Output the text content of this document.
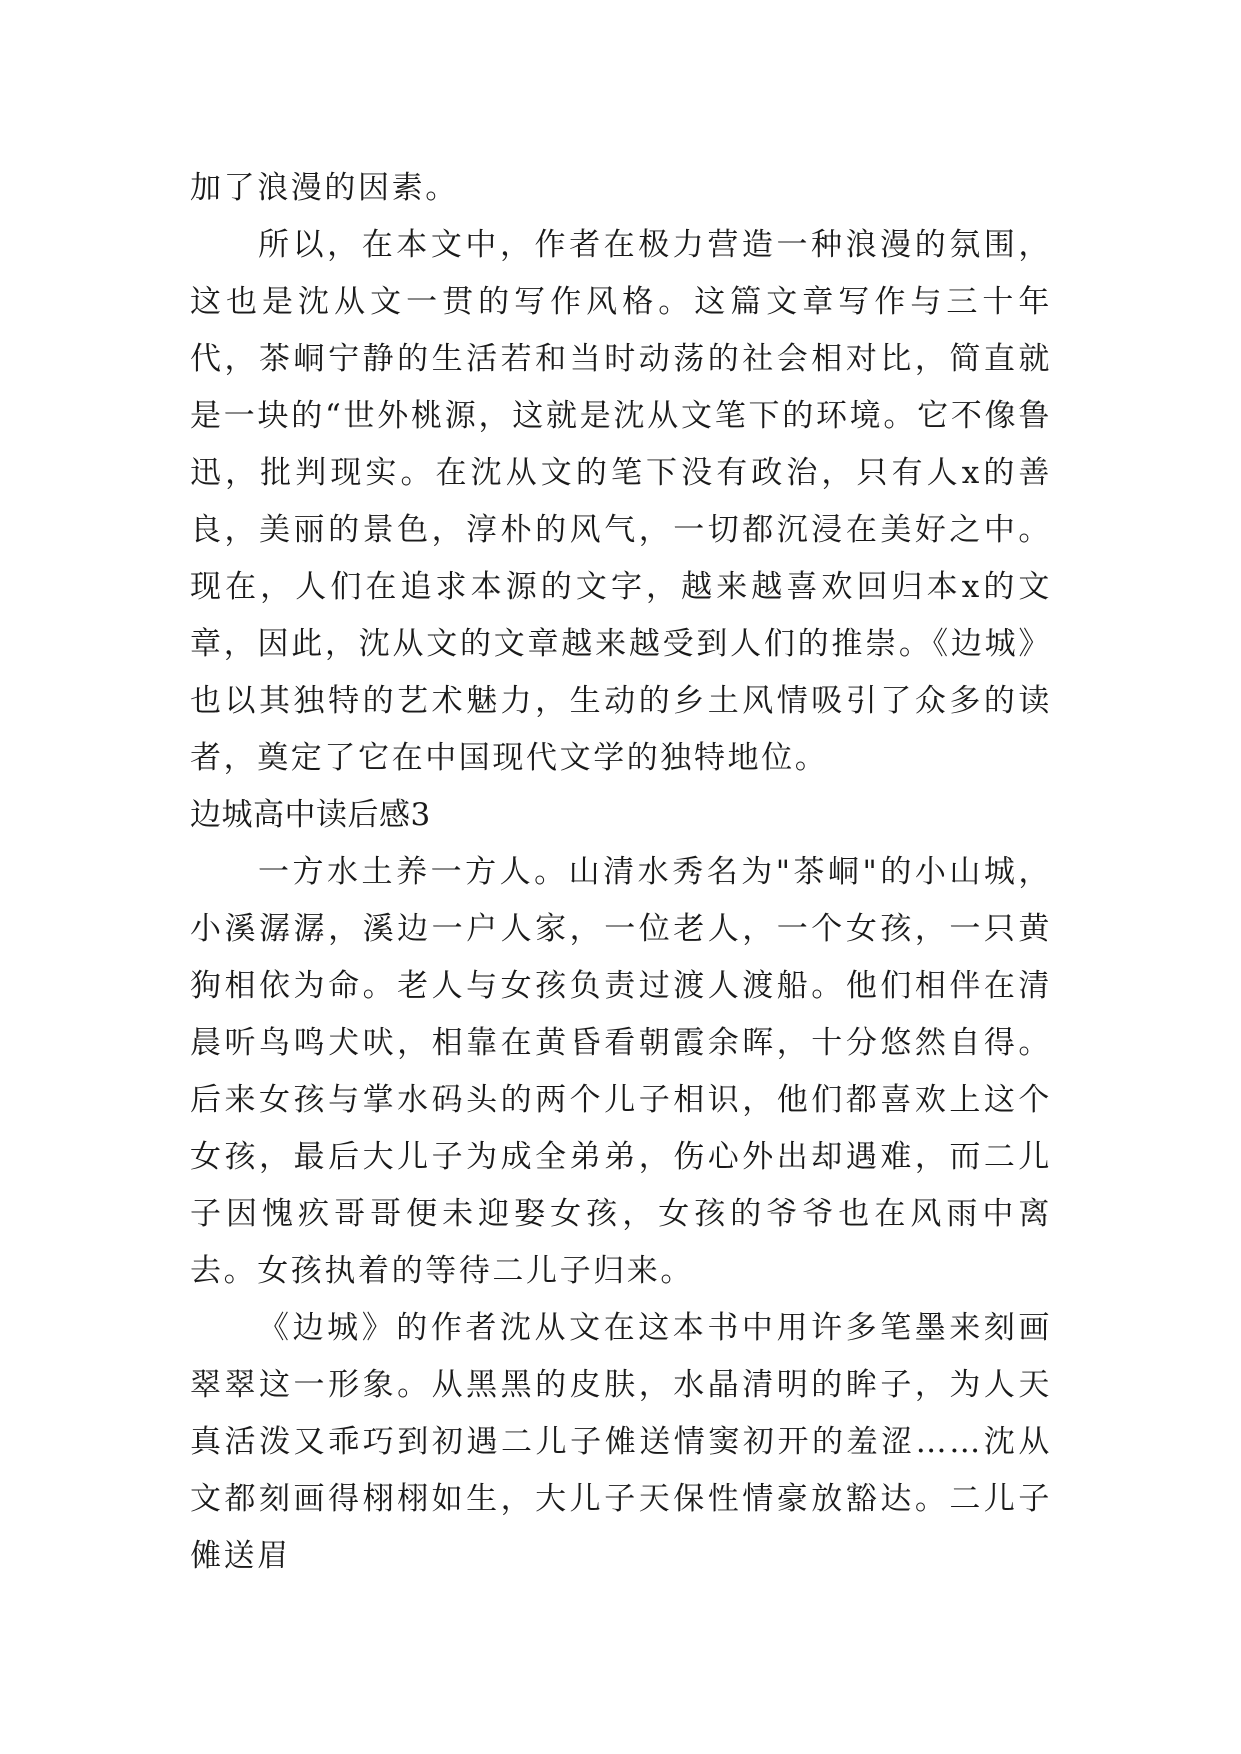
加了浪漫的因素。

所以，在本文中，作者在极力营造一种浪漫的氛围，这也是沈从文一贯的写作风格。这篇文章写作与三十年代，茶峒宁静的生活若和当时动荡的社会相对比，简直就是一块的“世外桃源，这就是沈从文笔下的环境。它不像鲁迅，批判现实。在沈从文的笔下没有政治，只有人x的善良，美丽的景色，淳朴的风气，一切都沉浸在美好之中。现在，人们在追求本源的文字，越来越喜欢回归本x的文章，因此，沈从文的文章越来越受到人们的推崇。《边城》也以其独特的艺术魅力，生动的乡土风情吸引了众多的读者，奠定了它在中国现代文学的独特地位。

边城高中读后感3

一方水土养一方人。山清水秀名为"茶峒"的小山城，小溪潺潺，溪边一户人家，一位老人，一个女孩，一只黄狗相依为命。老人与女孩负责过渡人渡船。他们相伴在清晨听鸟鸣犬吠，相靠在黄昏看朝霞余晖，十分悠然自得。后来女孩与掌水码头的两个儿子相识，他们都喜欢上这个女孩，最后大儿子为成全弟弟，伤心外出却遇难，而二儿子因愧疚哥哥便未迎娶女孩，女孩的爷爷也在风雨中离去。女孩执着的等待二儿子归来。

《边城》的作者沈从文在这本书中用许多笔墨来刻画翠翠这一形象。从黑黑的皮肤，水晶清明的眸子，为人天真活泼又乖巧到初遇二儿子傩送情窦初开的羞涩……沈从文都刻画得栩栩如生，大儿子天保性情豪放豁达。二儿子傩送眉
